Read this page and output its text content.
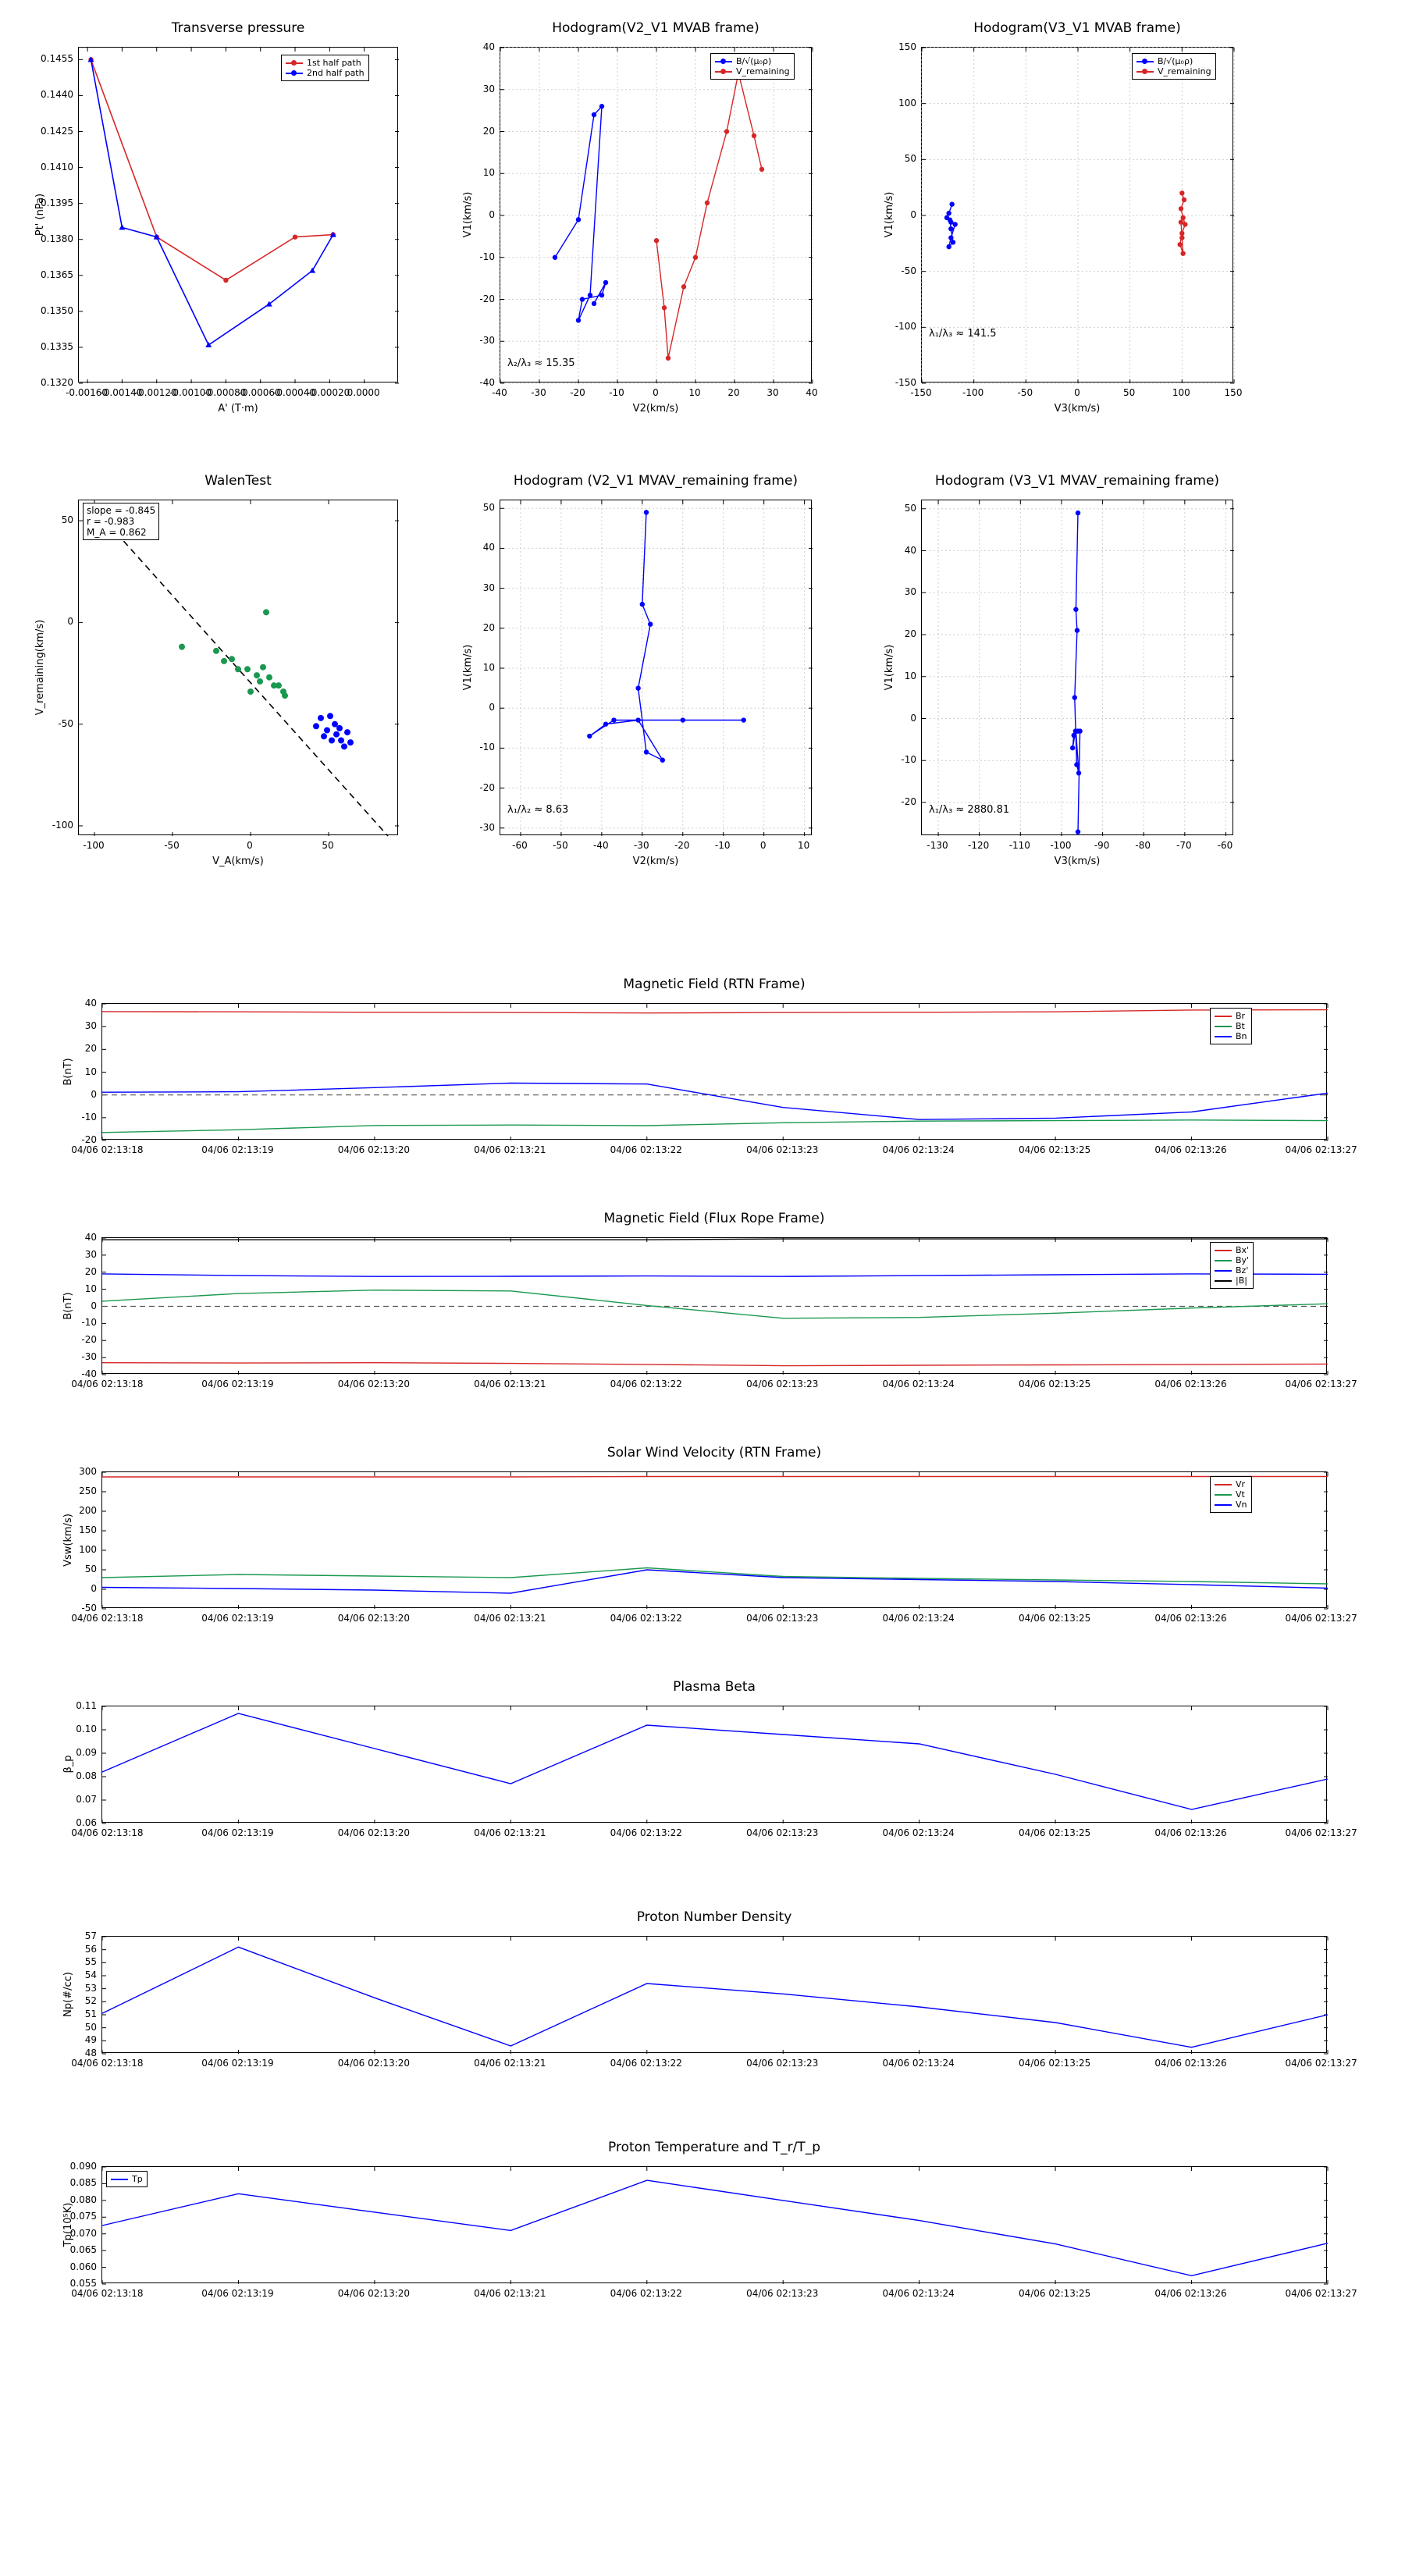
Transverse pressure
-0.00160
-0.00140
-0.00120
-0.00100
-0.00080
-0.00060
-0.00040
-0.00020
0.0000
0.1320
0.1335
0.1350
0.1365
0.1380
0.1395
0.1410
0.1425
0.1440
0.1455
A' (T·m)
Pt' (nPa)
1st half path
2nd half path
Hodogram(V2_V1 MVAB frame)
-40	-30	-20	-10	0	10	20	30	40
-40
-30
-20
-10
0
10
20
30
40
V2(km/s)
V1(km/s)
B/√(μ₀ρ)
V_remaining
λ₂/λ₃ ≈ 15.35
Hodogram(V3_V1 MVAB frame)
-150	-100	-50	0	50	100	150
-150
-100
-50
0
50
100
150
V3(km/s)
V1(km/s)
B/√(μ₀ρ)
V_remaining
λ₁/λ₃ ≈ 141.5
WalenTest
-100	-50	0	50
-100
-50
0
50
V_A(km/s)
V_remaining(km/s)
slope = -0.845
r = -0.983
M_A = 0.862
Hodogram (V2_V1 MVAV_remaining frame)
-60	-50	-40	-30	-20	-10	0	10
-30
-20
-10
0
10
20
30
40
50
V2(km/s)
V1(km/s)
λ₁/λ₂ ≈ 8.63
Hodogram (V3_V1 MVAV_remaining frame)
-130 -120 -110 -100 -90	-80	-70	-60
-20
-10
0
10
20
30
40
50
V3(km/s)
V1(km/s)
λ₁/λ₃ ≈ 2880.81
Magnetic Field (RTN Frame)
-20
-10
0
10
20
30
40
B(nT)
Br
Bt
Bn
04/06 02:13:18	04/06 02:13:19	04/06 02:13:20	04/06 02:13:21	04/06 02:13:22	04/06 02:13:23	04/06 02:13:24	04/06 02:13:25	04/06 02:13:26	04/06 02:13:27
Magnetic Field (Flux Rope Frame)
-40
-30
-20
-10
0
10
20
30
40
B(nT)
Bx'
By'
Bz'
|B|
04/06 02:13:18	04/06 02:13:19	04/06 02:13:20	04/06 02:13:21	04/06 02:13:22	04/06 02:13:23	04/06 02:13:24	04/06 02:13:25	04/06 02:13:26	04/06 02:13:27
Solar Wind Velocity (RTN Frame)
-50
0
50
100
150
200
250
300
Vsw(km/s)
Vr
Vt
Vn
04/06 02:13:18	04/06 02:13:19	04/06 02:13:20	04/06 02:13:21	04/06 02:13:22	04/06 02:13:23	04/06 02:13:24	04/06 02:13:25	04/06 02:13:26	04/06 02:13:27
Plasma Beta
0.06
0.07
0.08
0.09
0.10
0.11
β_p
04/06 02:13:18	04/06 02:13:19	04/06 02:13:20	04/06 02:13:21	04/06 02:13:22	04/06 02:13:23	04/06 02:13:24	04/06 02:13:25	04/06 02:13:26	04/06 02:13:27
Proton Number Density
48
49
50
51
52
53
54
55
56
57
Np(#/cc)
04/06 02:13:18	04/06 02:13:19	04/06 02:13:20	04/06 02:13:21	04/06 02:13:22	04/06 02:13:23	04/06 02:13:24	04/06 02:13:25	04/06 02:13:26	04/06 02:13:27
Proton Temperature and T_r/T_p
0.055
0.060
0.065
0.070
0.075
0.080
0.085
0.090
Tp(10⁵K)
Tp
04/06 02:13:18	04/06 02:13:19	04/06 02:13:20	04/06 02:13:21	04/06 02:13:22	04/06 02:13:23	04/06 02:13:24	04/06 02:13:25	04/06 02:13:26	04/06 02:13:27
